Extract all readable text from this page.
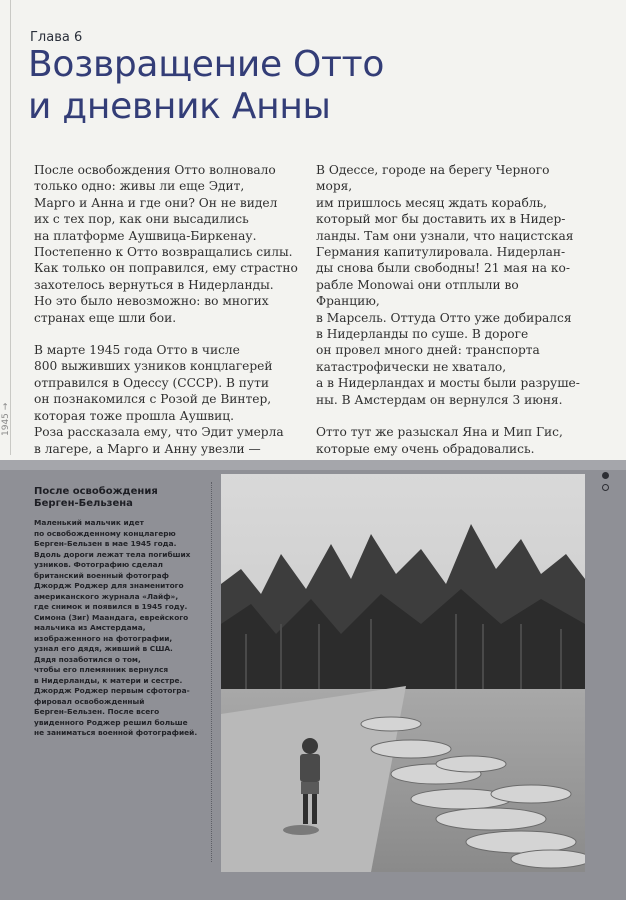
Глава 6
Возвращение Отто
и дневник Анны

После освобождения Отто волновало
только одно: живы ли еще Эдит,
Марго и Анна и где они? Он не видел
их с тех пор, как они высадились
на платформе Аушвица-Биркенау.
Постепенно к Отто возвращались силы.
Как только он поправился, ему страстно
захотелось вернуться в Нидерланды.
Но это было невозможно: во многих
странах еще шли бои.

В марте 1945 года Отто в числе
800 выживших узников концлагерей
отправился в Одессу (СССР). В пути
он познакомился с Розой де Винтер,
которая тоже прошла Аушвиц.
Роза рассказала ему, что Эдит умерла
в лагере, а Марго и Анну увезли —

В Одессе, городе на берегу Черного моря,
им пришлось месяц ждать корабль,
который мог бы доставить их в Нидер-
ланды. Там они узнали, что нацистская
Германия капитулировала. Нидерлан-
ды снова были свободны! 21 мая на ко-
рабле Monowai они отплыли во Францию,
в Марсель. Оттуда Отто уже добирался
в Нидерланды по суше. В дороге
он провел много дней: транспорта
катастрофически не хватало,
а в Нидерландах и мосты были разруше-
ны. В Амстердам он вернулся 3 июня.

Отто тут же разыскал Яна и Мип Гис,
которые ему очень обрадовались.

1945 →
После освобождения
Берген-Бельзена
Маленький мальчик идет
по освобожденному концлагерю
Берген-Бельзен в мае 1945 года.
Вдоль дороги лежат тела погибших
узников. Фотографию сделал
британский военный фотограф
Джордж Роджер для знаменитого
американского журнала «Лайф»,
где снимок и появился в 1945 году.
Симона (Зиг) Маандага, еврейского
мальчика из Амстердама,
изображенного на фотографии,
узнал его дядя, живший в США.
Дядя позаботился о том,
чтобы его племянник вернулся
в Нидерланды, к матери и сестре.
Джордж Роджер первым сфотогра-
фировал освобожденный
Берген-Бельзен. После всего
увиденного Роджер решил больше
не заниматься военной фотографией.
